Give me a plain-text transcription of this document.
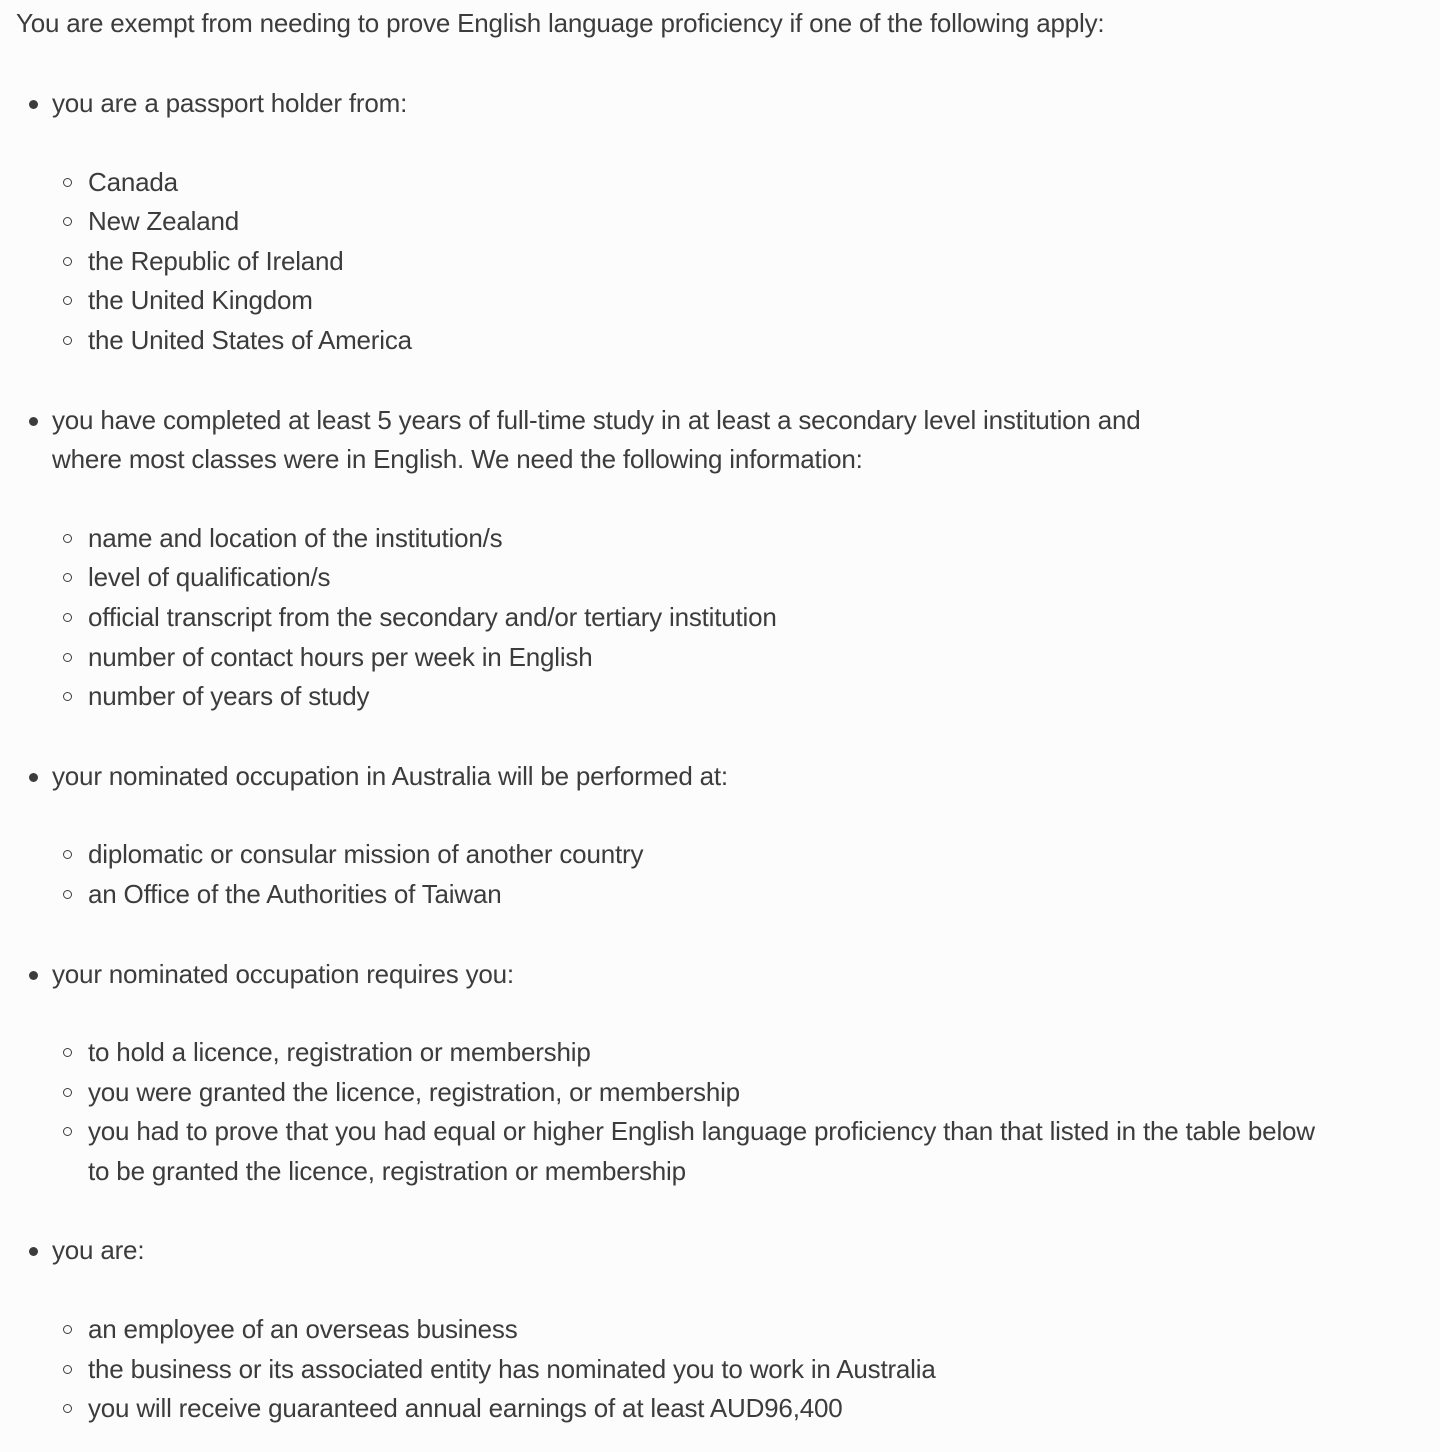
You are exempt from needing to prove English language proficiency if one of the following apply:

you are a passport holder from:
Canada
New Zealand
the Republic of Ireland
the United Kingdom
the United States of America
you have completed at least 5 years of full-time study in at least a secondary level institution and where most classes were in English. We need the following information:
name and location of the institution/s
level of qualification/s
official transcript from the secondary and/or tertiary institution
number of contact hours per week in English
number of years of study
your nominated occupation in Australia will be performed at:
diplomatic or consular mission of another country
an Office of the Authorities of Taiwan
your nominated occupation requires you:
to hold a licence, registration or membership
you were granted the licence, registration, or membership
you had to prove that you had equal or higher English language proficiency than that listed in the table below to be granted the licence, registration or membership
you are:
an employee of an overseas business
the business or its associated entity has nominated you to work in Australia
you will receive guaranteed annual earnings of at least AUD96,400
